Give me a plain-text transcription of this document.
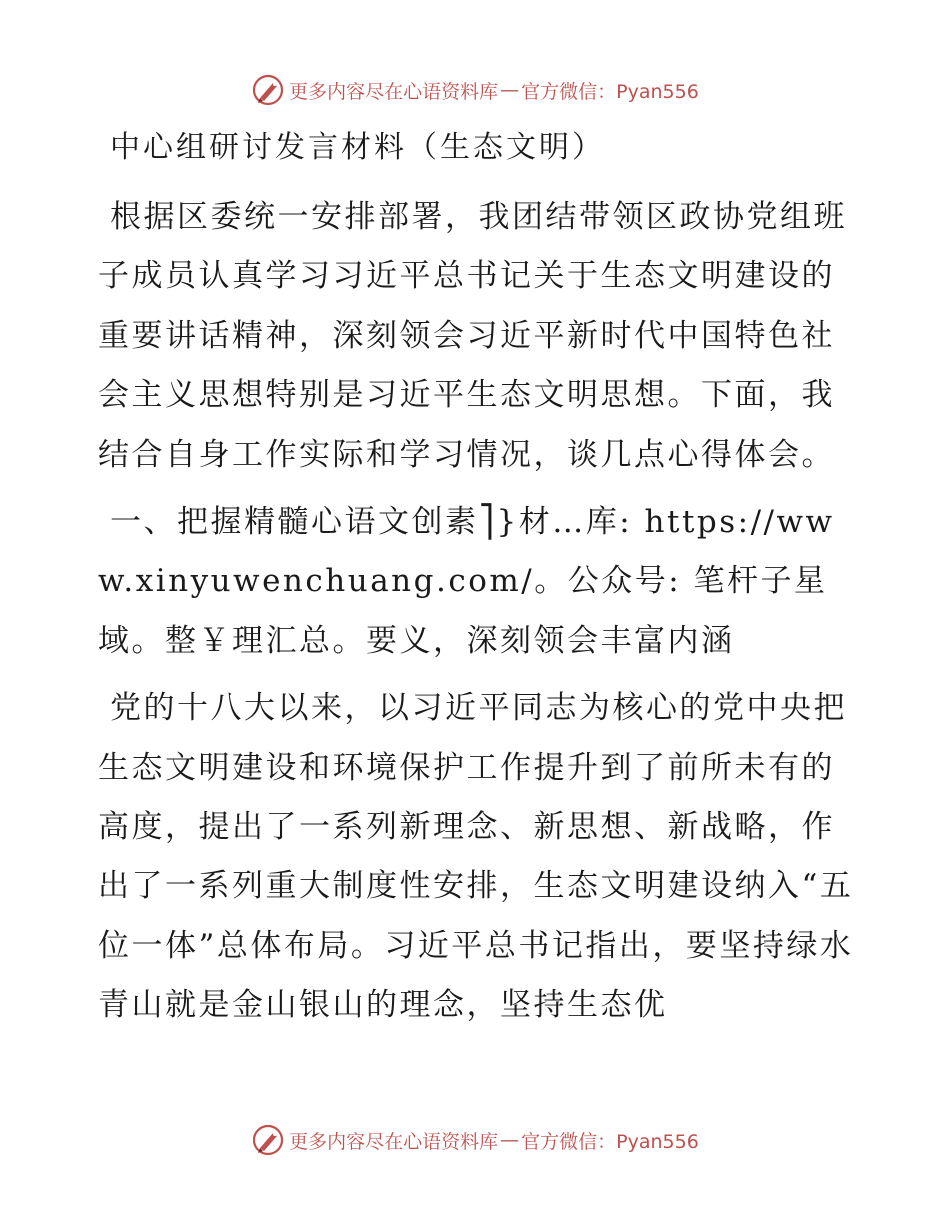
更多内容尽在心语资料库 — 官方微信：Pyan556
中心组研讨发言材料（生态文明）

根据区委统一安排部署，我团结带领区政协党组班子成员认真学习习近平总书记关于生态文明建设的重要讲话精神，深刻领会习近平新时代中国特色社会主义思想特别是习近平生态文明思想。下面，我结合自身工作实际和学习情况，谈几点心得体会。

一、把握精髓心语文创素⎤}材…库: https://www.xinyuwenchuang.com/。公众号: 笔杆子星域。整￥理汇总。要义，深刻领会丰富内涵

党的十八大以来，以习近平同志为核心的党中央把生态文明建设和环境保护工作提升到了前所未有的高度，提出了一系列新理念、新思想、新战略，作出了一系列重大制度性安排，生态文明建设纳入“五位一体”总体布局。习近平总书记指出，要坚持绿水青山就是金山银山的理念，坚持生态优

更多内容尽在心语资料库 — 官方微信：Pyan556
